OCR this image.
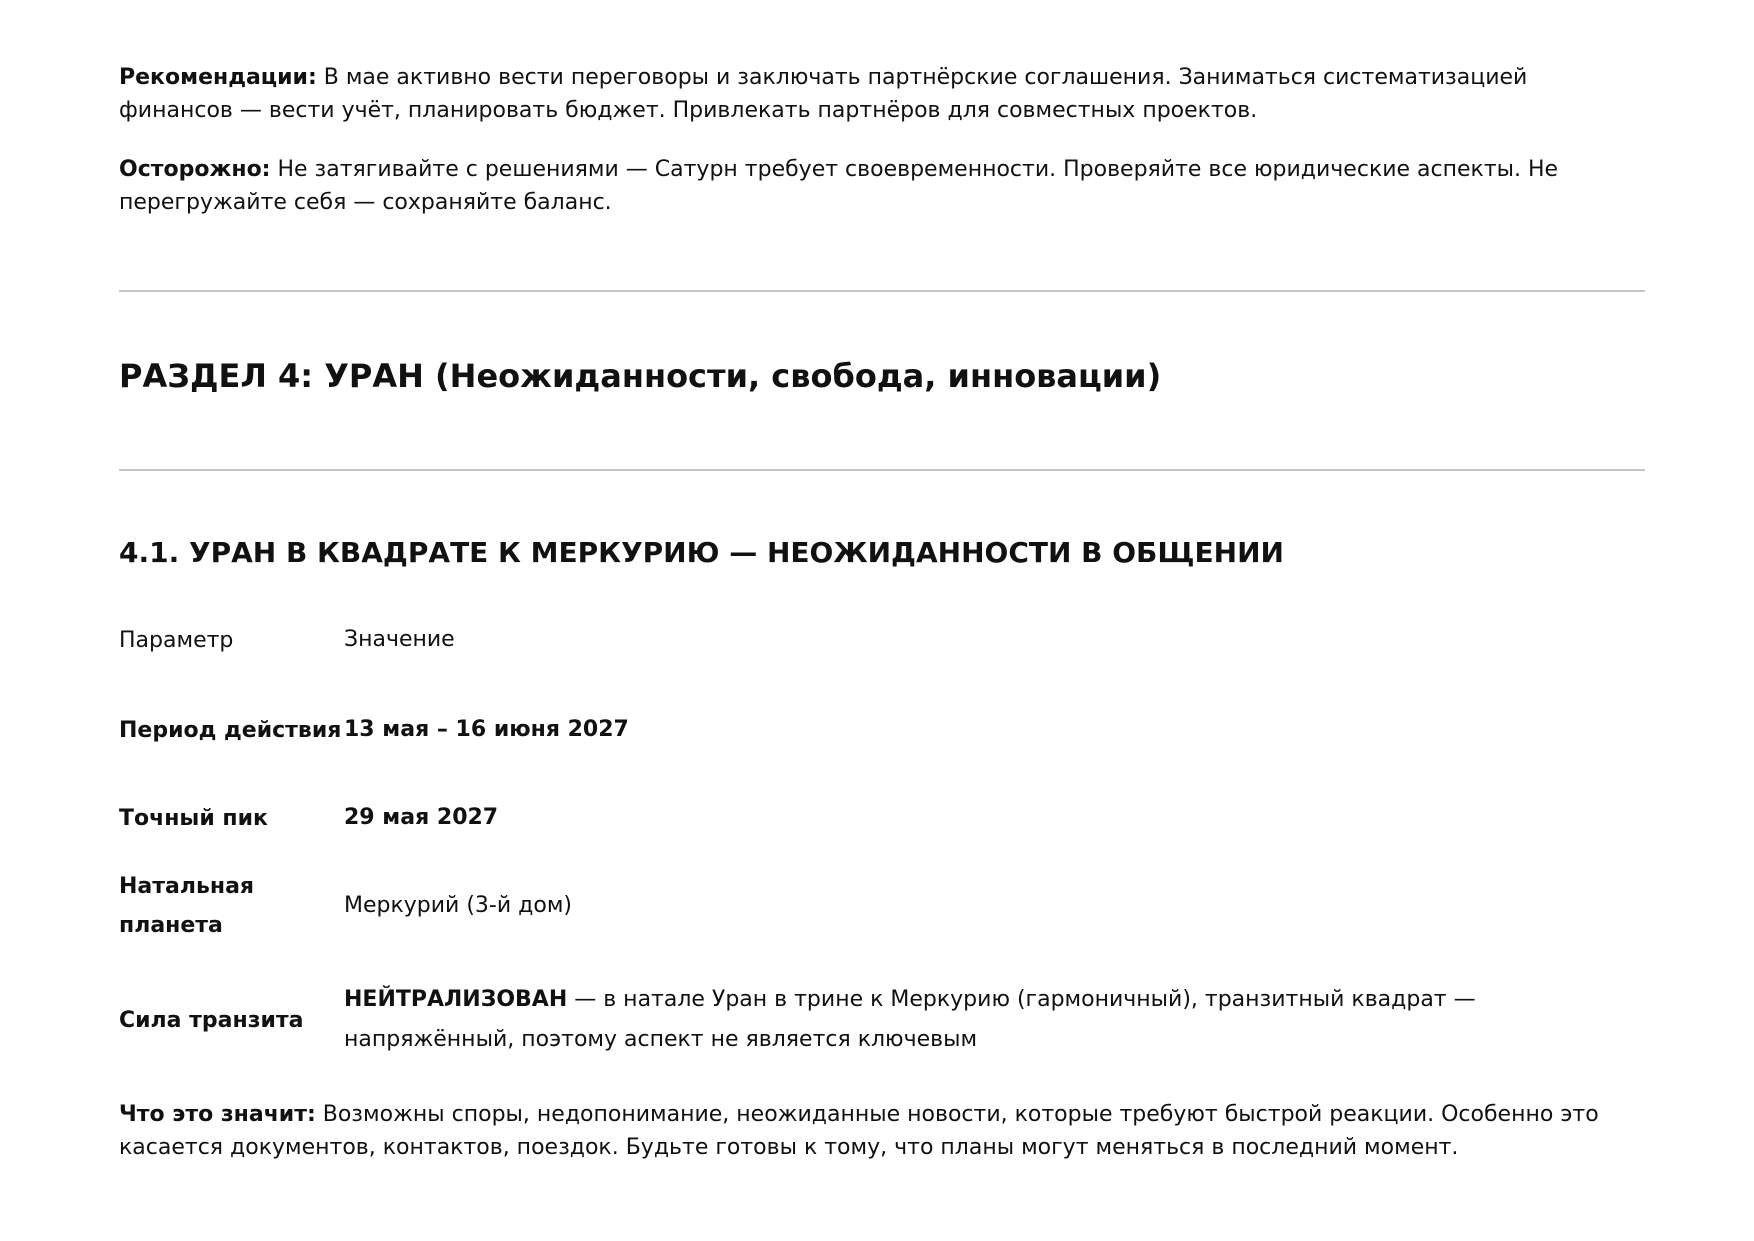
Рекомендации: В мае активно вести переговоры и заключать партнёрские соглашения. Заниматься систематизацией финансов — вести учёт, планировать бюджет. Привлекать партнёров для совместных проектов.

Осторожно: Не затягивайте с решениями — Сатурн требует своевременности. Проверяйте все юридические аспекты. Не перегружайте себя — сохраняйте баланс.

РАЗДЕЛ 4: УРАН (Неожиданности, свобода, инновации)
4.1. УРАН В КВАДРАТЕ К МЕРКУРИЮ — НЕОЖИДАННОСТИ В ОБЩЕНИИ
Параметр	Значение
Период действия 13 мая – 16 июня 2027
Точный пик	29 мая 2027
Натальная планета
Меркурий (3-й дом)
Сила транзита
НЕЙТРАЛИЗОВАН — в натале Уран в трине к Меркурию (гармоничный), транзитный квадрат — напряжённый, поэтому аспект не является ключевым

Что это значит: Возможны споры, недопонимание, неожиданные новости, которые требуют быстрой реакции. Особенно это касается документов, контактов, поездок. Будьте готовы к тому, что планы могут меняться в последний момент.
